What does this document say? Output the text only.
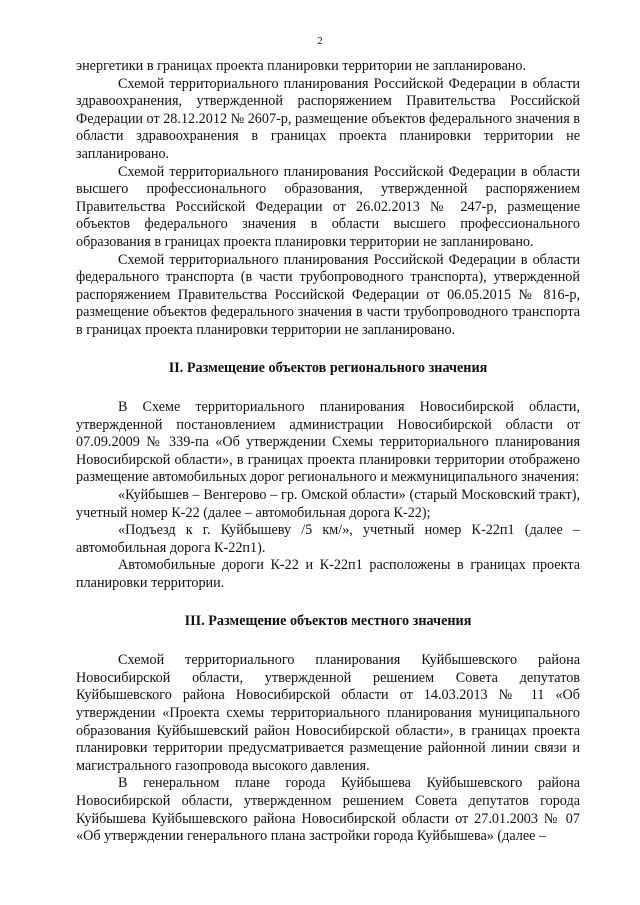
2

энергетики в границах проекта планировки территории не запланировано.

Схемой территориального планирования Российской Федерации в области здравоохранения, утвержденной распоряжением Правительства Российской Федерации от 28.12.2012 № 2607-р, размещение объектов федерального значения в области здравоохранения в границах проекта планировки территории не запланировано.

Схемой территориального планирования Российской Федерации в области высшего профессионального образования, утвержденной распоряжением Правительства Российской Федерации от 26.02.2013 № 247-р, размещение объектов федерального значения в области высшего профессионального образования в границах проекта планировки территории не запланировано.

Схемой территориального планирования Российской Федерации в области федерального транспорта (в части трубопроводного транспорта), утвержденной распоряжением Правительства Российской Федерации от 06.05.2015 № 816-р, размещение объектов федерального значения в части трубопроводного транспорта в границах проекта планировки территории не запланировано.

II. Размещение объектов регионального значения

В Схеме территориального планирования Новосибирской области, утвержденной постановлением администрации Новосибирской области от 07.09.2009 № 339-па «Об утверждении Схемы территориального планирования Новосибирской области», в границах проекта планировки территории отображено размещение автомобильных дорог регионального и межмуниципального значения:

«Куйбышев – Венгерово – гр. Омской области» (старый Московский тракт), учетный номер К-22 (далее – автомобильная дорога К-22);

«Подъезд к г. Куйбышеву /5 км/», учетный номер К-22п1 (далее – автомобильная дорога К-22п1).

Автомобильные дороги К-22 и К-22п1 расположены в границах проекта планировки территории.

III. Размещение объектов местного значения

Схемой территориального планирования Куйбышевского района Новосибирской области, утвержденной решением Совета депутатов Куйбышевского района Новосибирской области от 14.03.2013 № 11 «Об утверждении «Проекта схемы территориального планирования муниципального образования Куйбышевский район Новосибирской области», в границах проекта планировки территории предусматривается размещение районной линии связи и магистрального газопровода высокого давления.

В генеральном плане города Куйбышева Куйбышевского района Новосибирской области, утвержденном решением Совета депутатов города Куйбышева Куйбышевского района Новосибирской области от 27.01.2003 № 07 «Об утверждении генерального плана застройки города Куйбышева» (далее –
